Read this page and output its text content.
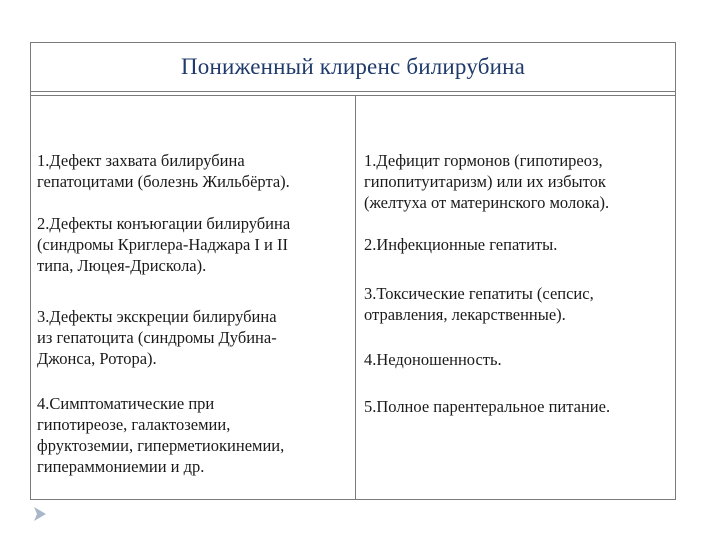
Пониженный клиренс билирубина
1.Дефект захвата билирубина
гепатоцитами (болезнь Жильбёрта).
2.Дефекты конъюгации билирубина
(синдромы Криглера-Наджара I и II
типа, Люцея-Дрискола).
3.Дефекты экскреции билирубина
из гепатоцита (синдромы Дубина-
Джонса, Ротора).
4.Симптоматические при
гипотиреозе, галактоземии,
фруктоземии, гиперметиокинемии,
гипераммониемии и др.
1.Дефицит гормонов (гипотиреоз,
гипопитуитаризм) или их избыток
(желтуха от материнского молока).
2.Инфекционные гепатиты.
3.Токсические гепатиты (сепсис,
отравления, лекарственные).
4.Недоношенность.
5.Полное парентеральное питание.
